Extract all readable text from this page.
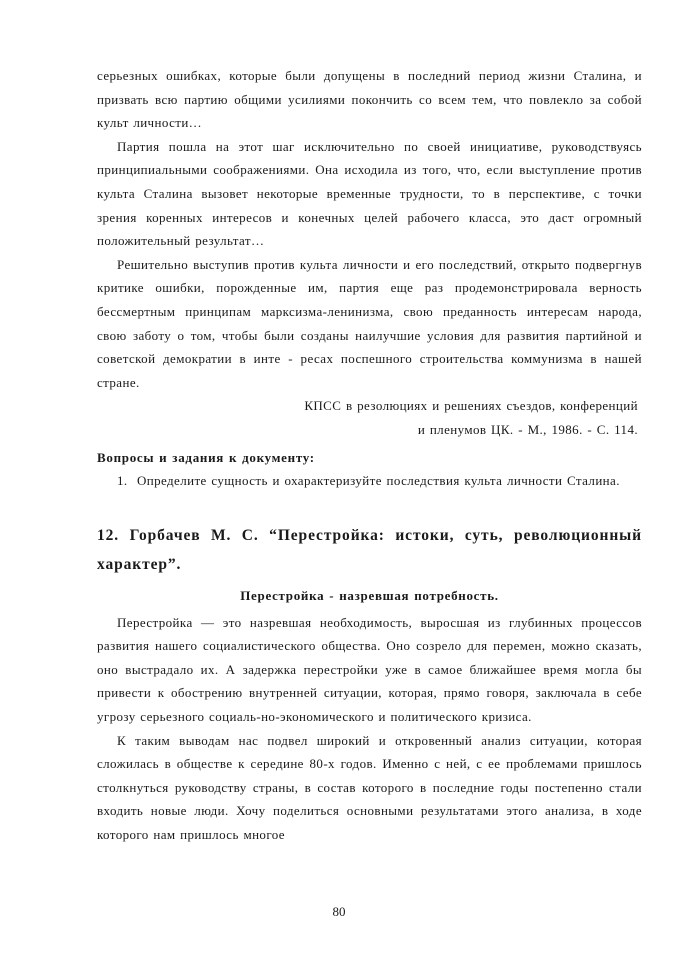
серьезных ошибках, которые были допущены в последний период жизни Сталина, и призвать всю партию общими усилиями покончить со всем тем, что повлекло за собой культ личности…

Партия пошла на этот шаг исключительно по своей инициативе, руководствуясь принципиальными соображениями. Она исходила из того, что, если выступление против культа Сталина вызовет некоторые временные трудности, то в перспективе, с точки зрения коренных интересов и конечных целей рабочего класса, это даст огромный положительный результат…

Решительно выступив против культа личности и его последствий, открыто подвергнув критике ошибки, порожденные им, партия еще раз продемонстрировала верность бессмертным принципам марксизма-ленинизма, свою преданность интересам народа, свою заботу о том, чтобы были созданы наилучшие условия для развития партийной и советской демократии в инте - ресах поспешного строительства коммунизма в нашей стране.

КПСС в резолюциях и решениях съездов, конференций

и пленумов ЦК. - М., 1986. - С. 114.

Вопросы и задания к документу:

1. Определите сущность и охарактеризуйте последствия культа личности Сталина.

12. Горбачев М. С. “Перестройка: истоки, суть, революционный характер”.

Перестройка - назревшая потребность.

Перестройка — это назревшая необходимость, выросшая из глубинных процессов развития нашего социалистического общества. Оно созрело для перемен, можно сказать, оно выстрадало их. А задержка перестройки уже в самое ближайшее время могла бы привести к обострению внутренней ситуации, которая, прямо говоря, заключала в себе угрозу серьезного социаль-но-экономического и политического кризиса.

К таким выводам нас подвел широкий и откровенный анализ ситуации, которая сложилась в обществе к середине 80-х годов. Именно с ней, с ее проблемами пришлось столкнуться руководству страны, в состав которого в последние годы постепенно стали входить новые люди. Хочу поделиться основными результатами этого анализа, в ходе которого нам пришлось многое

80
